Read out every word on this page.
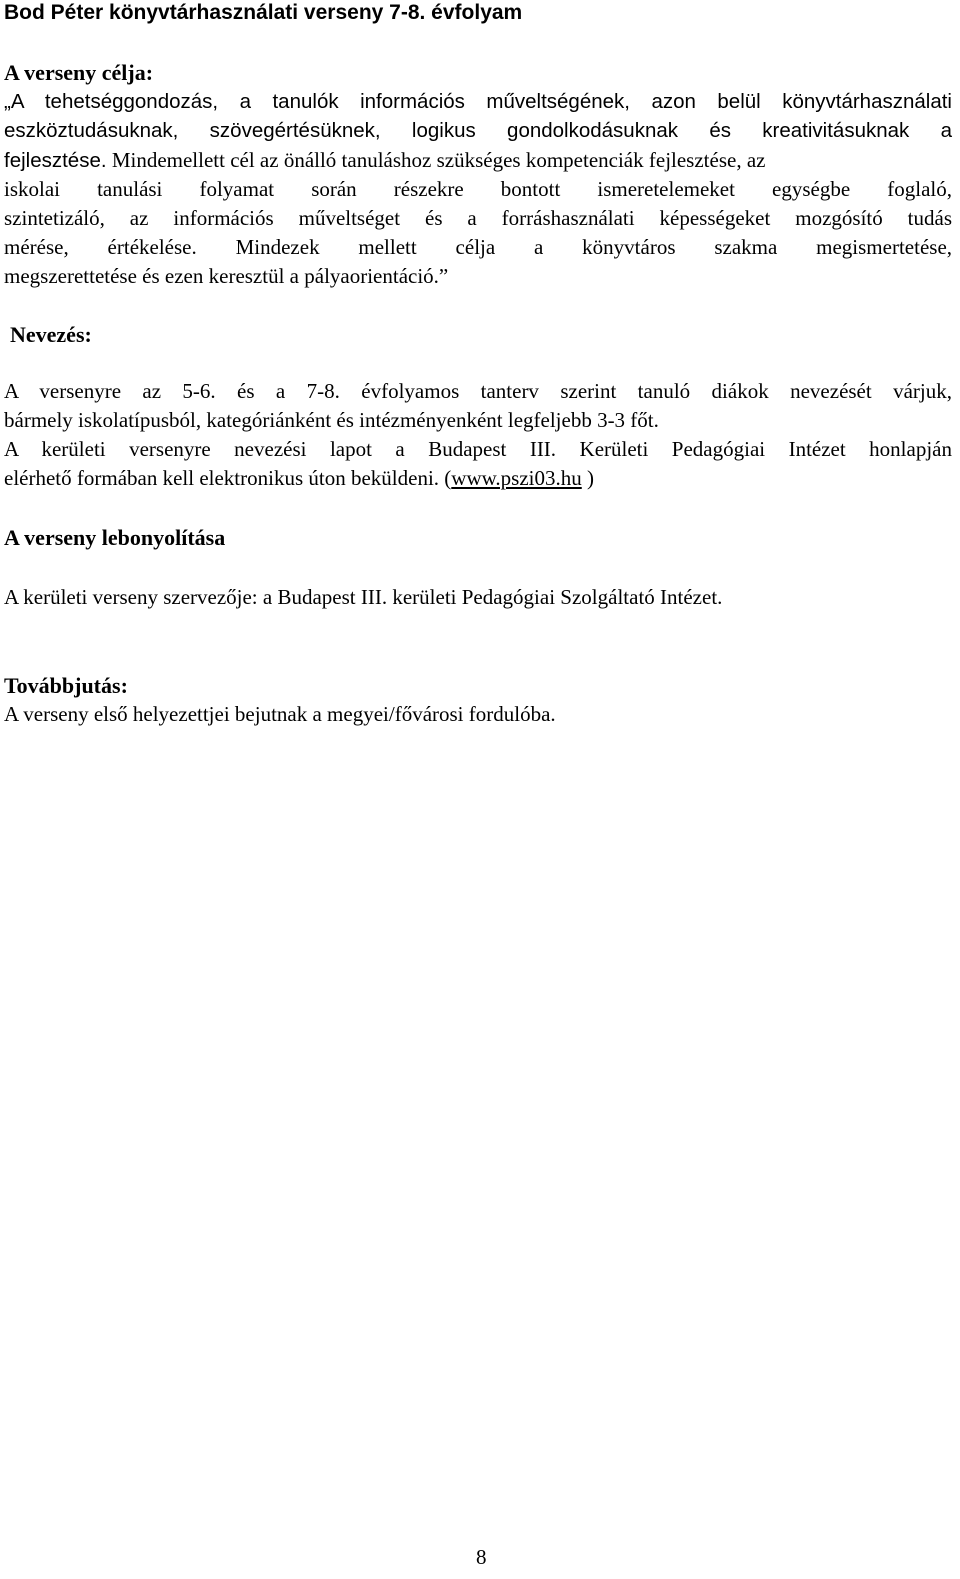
Bod Péter könyvtárhasználati verseny 7-8. évfolyam
A verseny célja:
„A tehetséggondozás, a tanulók információs műveltségének, azon belül könyvtárhasználati
eszköztudásuknak, szövegértésüknek, logikus gondolkodásuknak és kreativitásuknak a
fejlesztése. Mindemellett cél az önálló tanuláshoz szükséges kompetenciák fejlesztése, az
iskolai tanulási folyamat során részekre bontott ismeretelemeket egységbe foglaló,
szintetizáló, az információs műveltséget és a forráshasználati képességeket mozgósító tudás
mérése, értékelése. Mindezek mellett célja a könyvtáros szakma megismertetése,
megszerettetése és ezen keresztül a pályaorientáció.”
Nevezés:
A versenyre az 5-6. és a 7-8. évfolyamos tanterv szerint tanuló diákok nevezését várjuk,
bármely iskolatípusból, kategóriánként és intézményenként legfeljebb 3-3 főt.
A kerületi versenyre nevezési lapot a Budapest III. Kerületi Pedagógiai Intézet honlapján
elérhető formában kell elektronikus úton beküldeni. (www.pszi03.hu )
A verseny lebonyolítása
A kerületi verseny szervezője: a Budapest III. kerületi Pedagógiai Szolgáltató Intézet.
Továbbjutás:
A verseny első helyezettjei bejutnak a megyei/fővárosi fordulóba.
8
